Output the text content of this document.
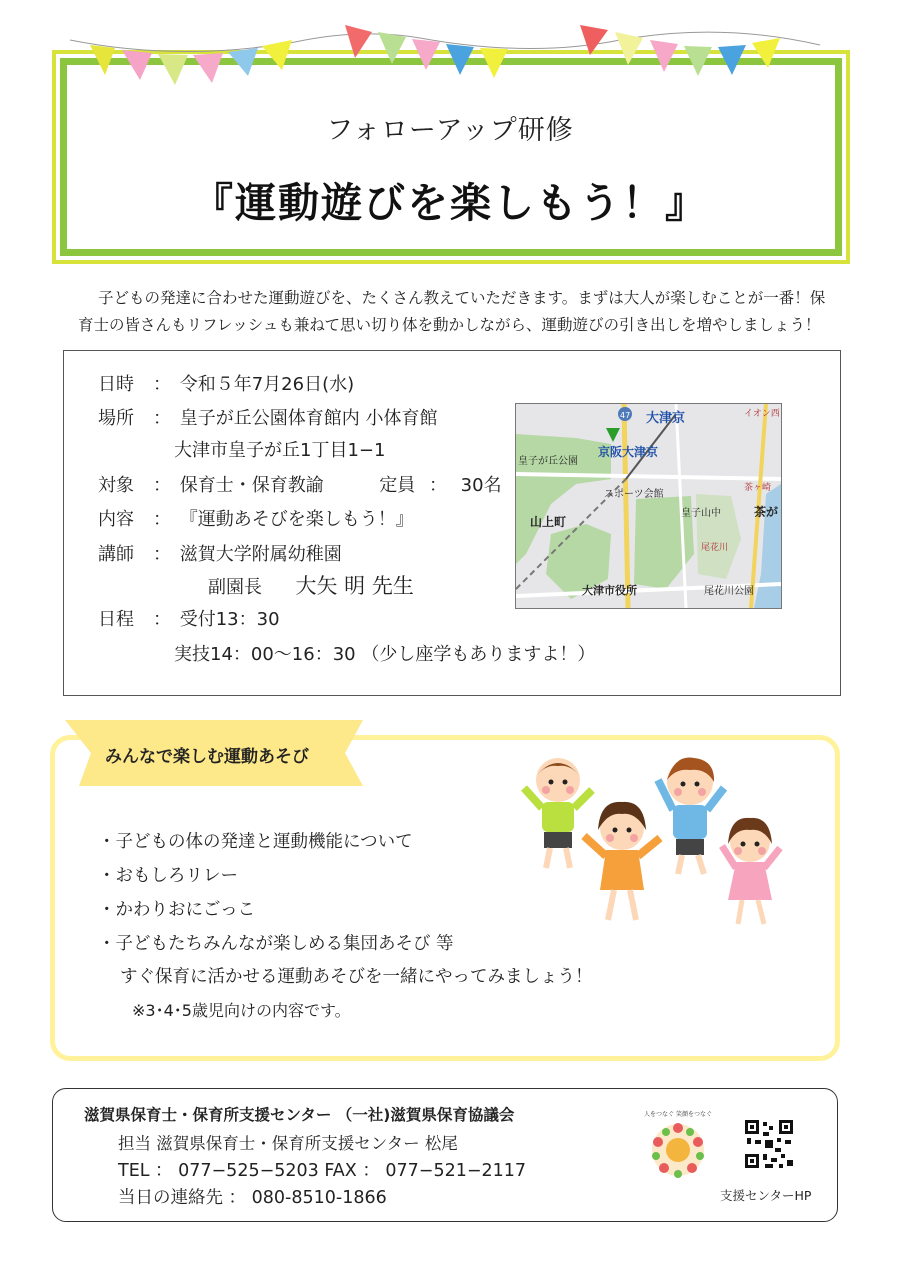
フォローアップ研修
『運動遊びを楽しもう！』
子どもの発達に合わせた運動遊びを、たくさん教えていただきます。まずは大人が楽しむことが一番！保
育士の皆さんもリフレッシュも兼ねて思い切り体を動かしながら、運動遊びの引き出しを増やしましょう！
日時 ： 令和５年7月26日(水)
場所 ： 皇子が丘公園体育館内 小体育館
大津市皇子が丘1丁目1−1
対象 ： 保育士・保育教諭	定員 ： 30名
内容 ： 『運動あそびを楽しもう！』
講師 ： 滋賀大学附属幼稚園
副園長 大矢 明 先生
日程 ： 受付13：30
実技14：00〜16：30 （少し座学もありますよ！）
47 大津京
京阪大津京
皇子が丘公園
スポーツ会館
皇子山中
山上町
大津市役所	尾花川公園
尾花川
茶が
イオン西
茶ヶ崎
みんなで楽しむ運動あそび
・子どもの体の発達と運動機能について
・おもしろリレー
・かわりおにごっこ
・子どもたちみんなが楽しめる集団あそび 等
すぐ保育に活かせる運動あそびを一緒にやってみましょう！
※3･4･5歳児向けの内容です。
滋賀県保育士・保育所支援センター （一社)滋賀県保育協議会
担当 滋賀県保育士・保育所支援センター 松尾
TEL ： 077−525−5203 FAX ： 077−521−2117
当日の連絡先 ： 080-8510-1866
人をつなぐ 笑顔をつなぐ
支援センターHP
